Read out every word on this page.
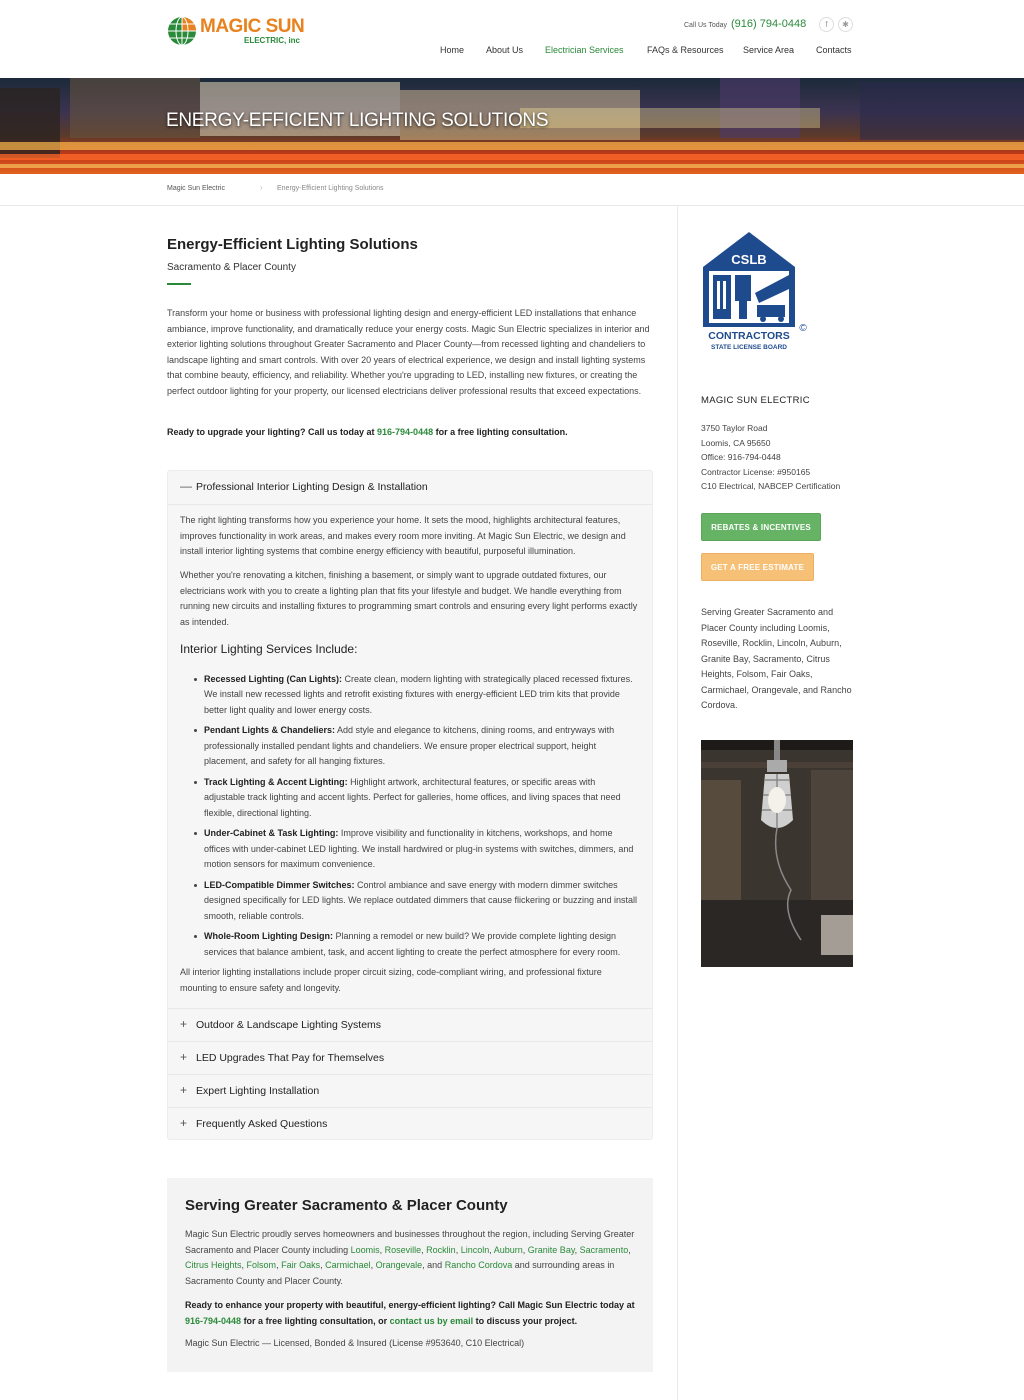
MAGIC SUN
ELECTRIC, inc
Call Us Today (916) 794-0448	f	✱
Home About Us Electrician Services	FAQs & Resources Service Area Contacts
ENERGY-EFFICIENT LIGHTING SOLUTIONS
Magic Sun Electric	› Energy-Efficient Lighting Solutions
Energy-Efficient Lighting Solutions
Sacramento & Placer County

Transform your home or business with professional lighting design and energy-efficient LED installations that enhance ambiance, improve functionality, and dramatically reduce your energy costs. Magic Sun Electric specializes in interior and exterior lighting solutions throughout Greater Sacramento and Placer County—from recessed lighting and chandeliers to landscape lighting and smart controls. With over 20 years of electrical experience, we design and install lighting systems that combine beauty, efficiency, and reliability. Whether you're upgrading to LED, installing new fixtures, or creating the perfect outdoor lighting for your property, our licensed electricians deliver professional results that exceed expectations.

Ready to upgrade your lighting? Call us today at 916-794-0448 for a free lighting consultation.

— Professional Interior Lighting Design & Installation

The right lighting transforms how you experience your home. It sets the mood, highlights architectural features, improves functionality in work areas, and makes every room more inviting. At Magic Sun Electric, we design and install interior lighting systems that combine energy efficiency with beautiful, purposeful illumination.

Whether you're renovating a kitchen, finishing a basement, or simply want to upgrade outdated fixtures, our electricians work with you to create a lighting plan that fits your lifestyle and budget. We handle everything from running new circuits and installing fixtures to programming smart controls and ensuring every light performs exactly as intended.

Interior Lighting Services Include:
Recessed Lighting (Can Lights): Create clean, modern lighting with strategically placed recessed fixtures. We install new recessed lights and retrofit existing fixtures with energy-efficient LED trim kits that provide better light quality and lower energy costs.
Pendant Lights & Chandeliers: Add style and elegance to kitchens, dining rooms, and entryways with professionally installed pendant lights and chandeliers. We ensure proper electrical support, height placement, and safety for all hanging fixtures.
Track Lighting & Accent Lighting: Highlight artwork, architectural features, or specific areas with adjustable track lighting and accent lights. Perfect for galleries, home offices, and living spaces that need flexible, directional lighting.
Under-Cabinet & Task Lighting: Improve visibility and functionality in kitchens, workshops, and home offices with under-cabinet LED lighting. We install hardwired or plug-in systems with switches, dimmers, and motion sensors for maximum convenience.
LED-Compatible Dimmer Switches: Control ambiance and save energy with modern dimmer switches designed specifically for LED lights. We replace outdated dimmers that cause flickering or buzzing and install smooth, reliable controls.
Whole-Room Lighting Design: Planning a remodel or new build? We provide complete lighting design services that balance ambient, task, and accent lighting to create the perfect atmosphere for every room.

All interior lighting installations include proper circuit sizing, code-compliant wiring, and professional fixture mounting to ensure safety and longevity.

+ Outdoor & Landscape Lighting Systems
+ LED Upgrades That Pay for Themselves
+ Expert Lighting Installation
+ Frequently Asked Questions
Serving Greater Sacramento & Placer County

Magic Sun Electric proudly serves homeowners and businesses throughout the region, including Serving Greater Sacramento and Placer County including Loomis, Roseville, Rocklin, Lincoln, Auburn, Granite Bay, Sacramento, Citrus Heights, Folsom, Fair Oaks, Carmichael, Orangevale, and Rancho Cordova and surrounding areas in Sacramento County and Placer County.

Ready to enhance your property with beautiful, energy-efficient lighting? Call Magic Sun Electric today at 916-794-0448 for a free lighting consultation, or contact us by email to discuss your project.

Magic Sun Electric — Licensed, Bonded & Insured (License #953640, C10 Electrical)

CSLB
CONTRACTORS
STATE LICENSE BOARD
©
MAGIC SUN ELECTRIC
3750 Taylor Road
Loomis, CA 95650
Office: 916-794-0448
Contractor License: #950165
C10 Electrical, NABCEP Certification
REBATES & INCENTIVES
GET A FREE ESTIMATE

Serving Greater Sacramento and Placer County including Loomis, Roseville, Rocklin, Lincoln, Auburn, Granite Bay, Sacramento, Citrus Heights, Folsom, Fair Oaks, Carmichael, Orangevale, and Rancho Cordova.
